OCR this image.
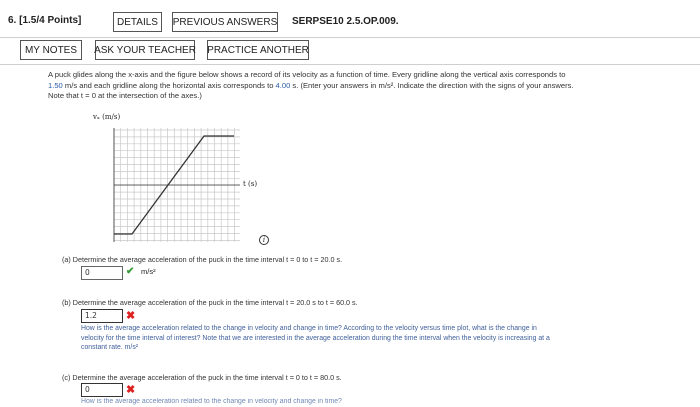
6. [1.5/4 Points]	DETAILS	PREVIOUS ANSWERS SERPSE10 2.5.OP.009.
MY NOTES	ASK YOUR TEACHER PRACTICE ANOTHER
A puck glides along the x-axis and the figure below shows a record of its velocity as a function of time. Every gridline along the vertical axis corresponds to
1.50 m/s and each gridline along the horizontal axis corresponds to 4.00 s. (Enter your answers in m/s². Indicate the direction with the signs of your answers.
Note that t = 0 at the intersection of the axes.)
vₓ (m/s)
t (s)
i
(a) Determine the average acceleration of the puck in the time interval t = 0 to t = 20.0 s.
0	✔ m/s²
(b) Determine the average acceleration of the puck in the time interval t = 20.0 s to t = 60.0 s.
1.2	✖
How is the average acceleration related to the change in velocity and change in time? According to the velocity versus time plot, what is the change in
velocity for the time interval of interest? Note that we are interested in the average acceleration during the time interval when the velocity is increasing at a
constant rate. m/s²
(c) Determine the average acceleration of the puck in the time interval t = 0 to t = 80.0 s.
0	✖
How is the average acceleration related to the change in velocity and change in time?
